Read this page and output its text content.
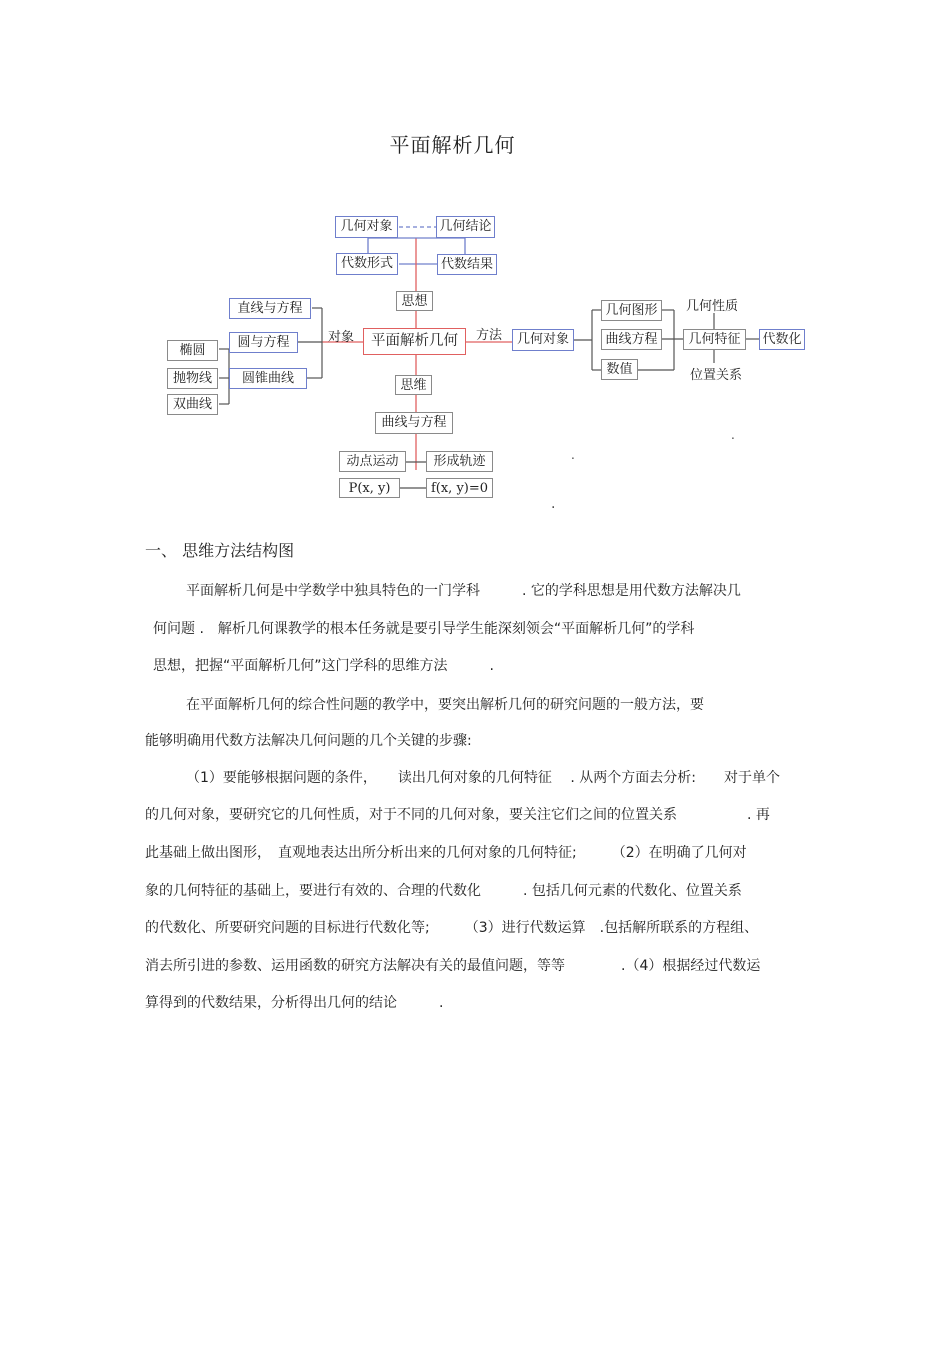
平面解析几何
几何对象	几何结论
代数形式	代数结果
思想
平面解析几何
对象	方法
直线与方程
圆与方程
圆锥曲线
椭圆
抛物线
双曲线
几何对象
几何图形
曲线方程
数值
几何特征
几何性质
位置关系
代数化
思维
曲线与方程
动点运动	形成轨迹
P(x, y)	f(x, y)=0
.
.
.
一、 思维方法结构图
平面解析几何是中学数学中独具特色的一门学科　　　. 它的学科思想是用代数方法解决几
何问题 .　解析几何课教学的根本任务就是要引导学生能深刻领会“平面解析几何”的学科
思想，把握“平面解析几何”这门学科的思维方法　　　.
在平面解析几何的综合性问题的教学中，要突出解析几何的研究问题的一般方法，要
能够明确用代数方法解决几何问题的几个关键的步骤:
（1）要能够根据问题的条件，　　读出几何对象的几何特征　 . 从两个方面去分析:　　对于单个
的几何对象，要研究它的几何性质，对于不同的几何对象，要关注它们之间的位置关系　　　　　. 再
此基础上做出图形，　直观地表达出所分析出来的几何对象的几何特征;　　　（2）在明确了几何对
象的几何特征的基础上，要进行有效的、合理的代数化　　　. 包括几何元素的代数化、位置关系
的代数化、所要研究问题的目标进行代数化等;　　　（3）进行代数运算　.包括解所联系的方程组、
消去所引进的参数、运用函数的研究方法解决有关的最值问题，等等　　　　.（4）根据经过代数运
算得到的代数结果，分析得出几何的结论　　　.
